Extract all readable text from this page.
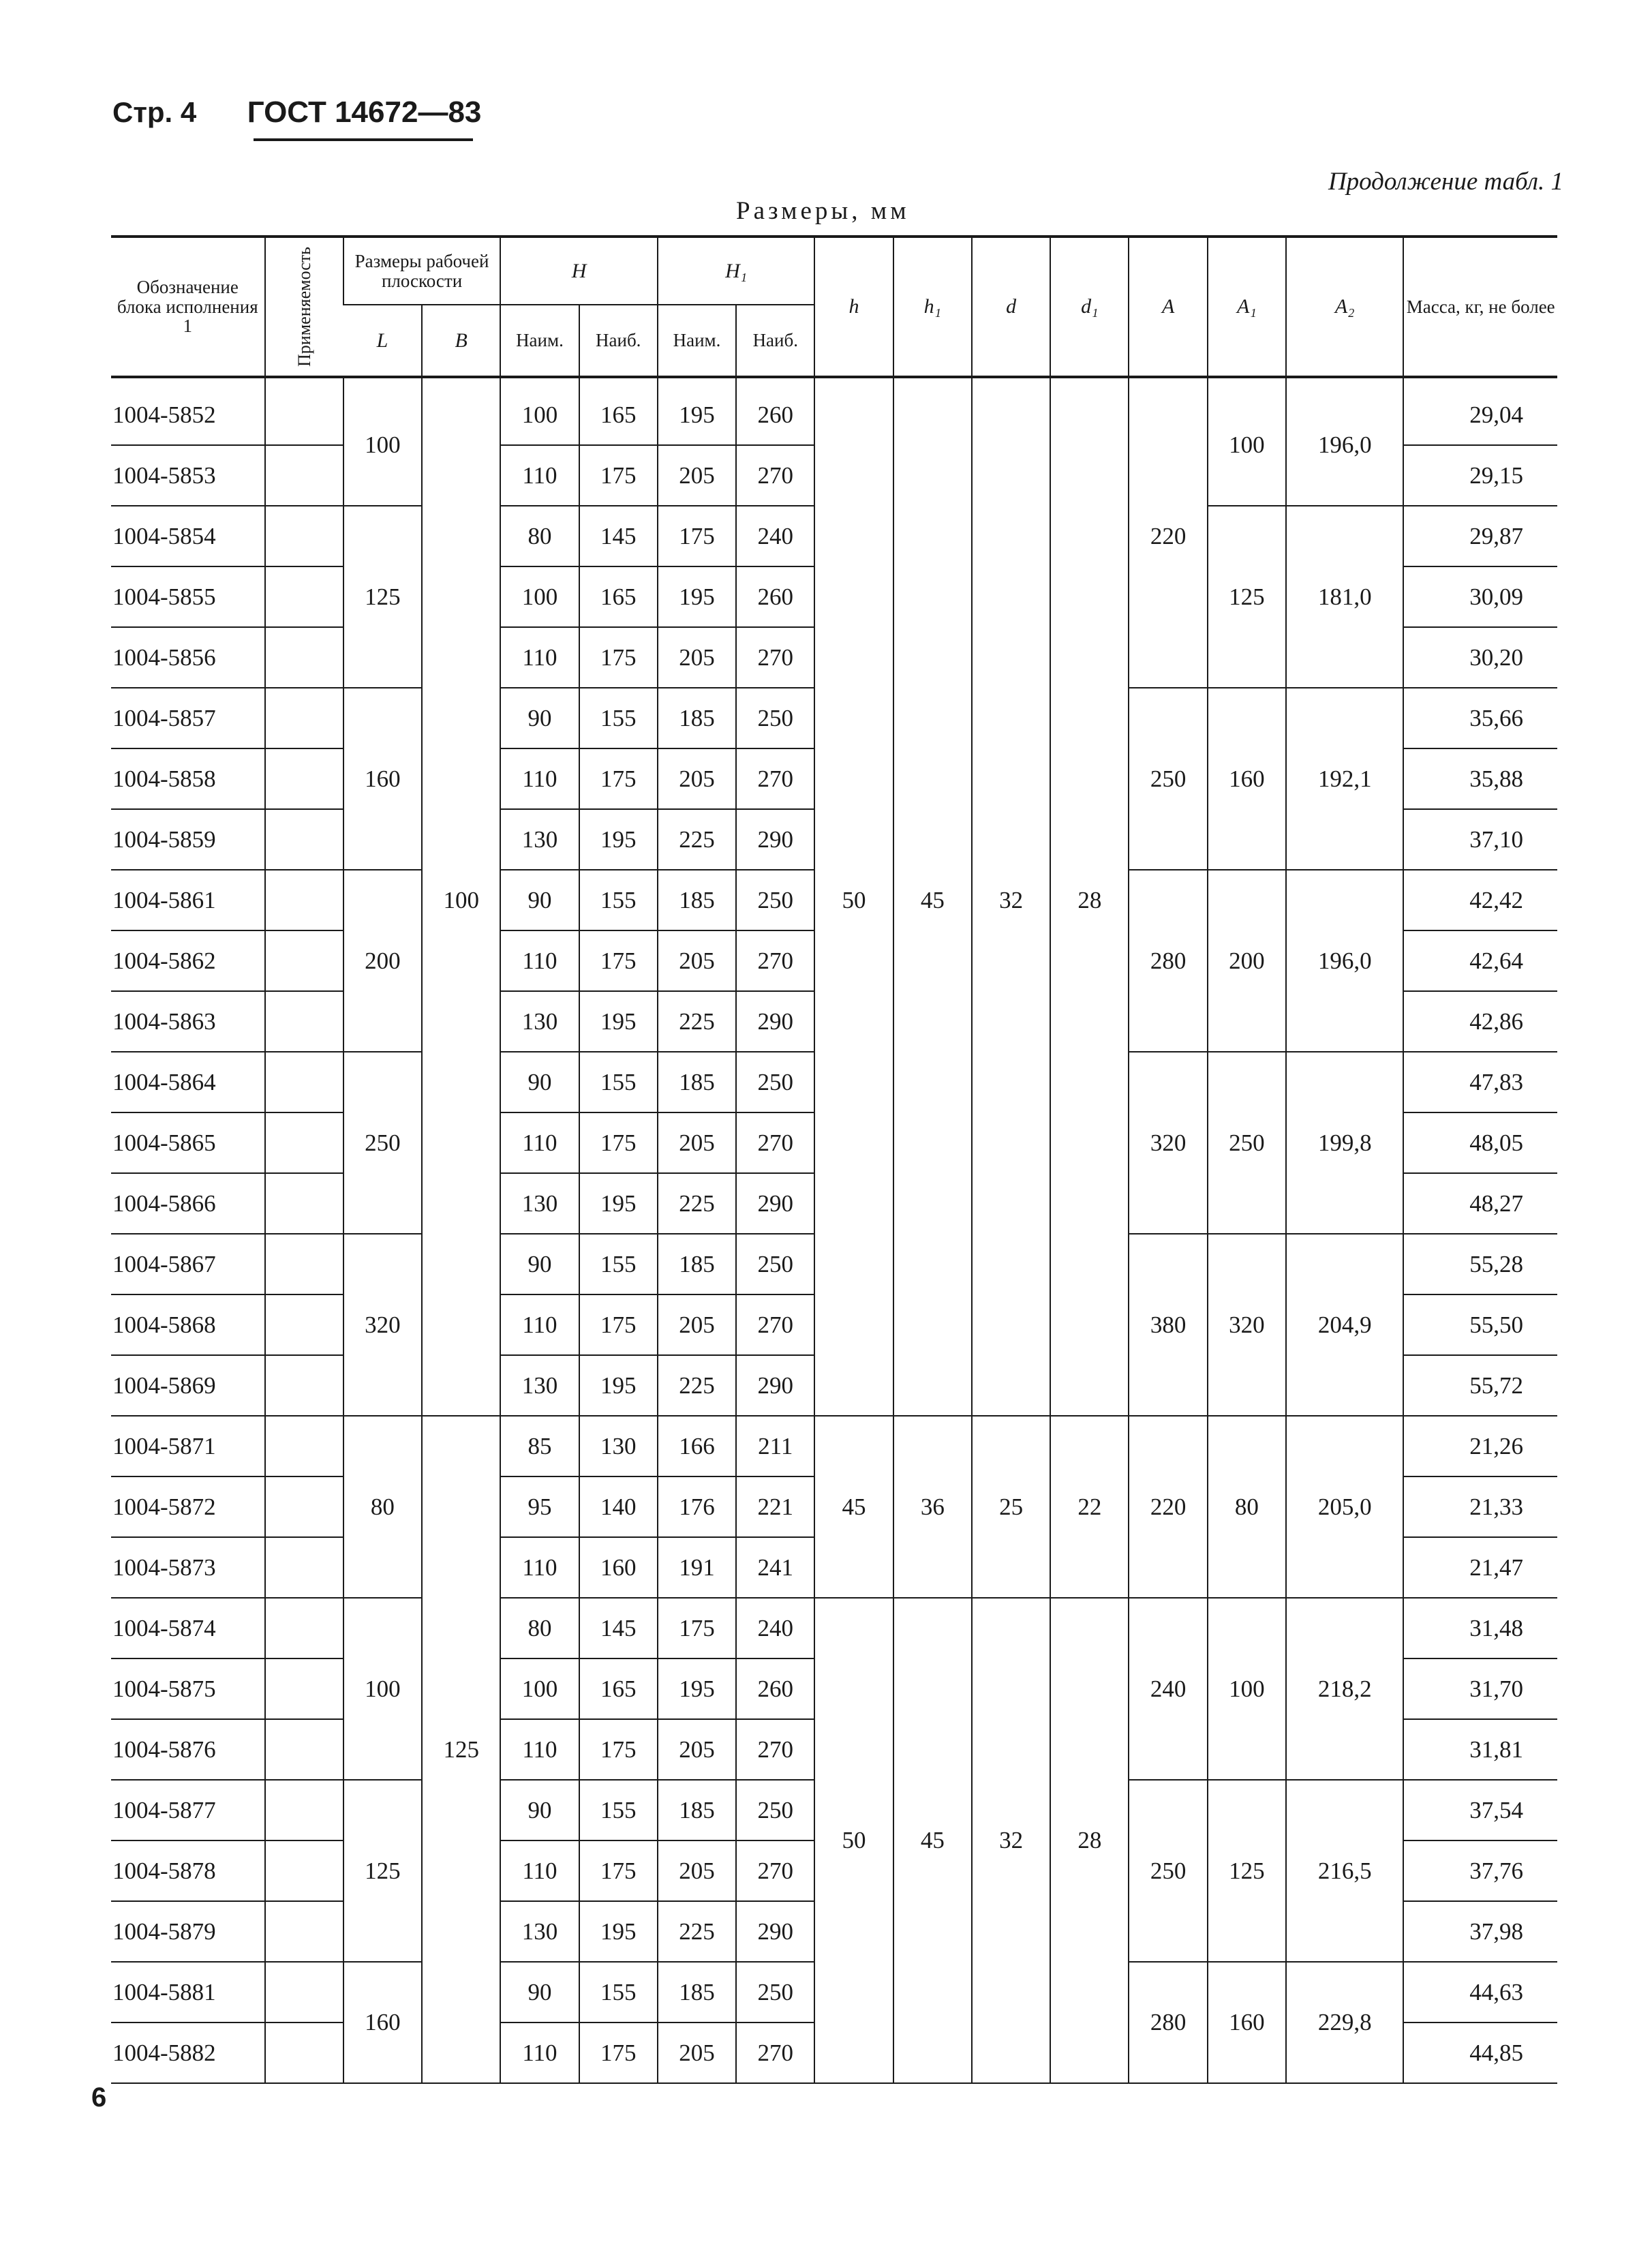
Стр. 4 ГОСТ 14672—83
Продолжение табл. 1
Размеры, мм
Обозначение блока исполнения 1	Применяемость	Размеры рабочей плоскости		H		H₁		h	h₁	d	d₁	A	A₁	A₂	Масса, кг, не более
		L	B	Наим.	Наиб.	Наим.	Наиб.								
1004-5852		100	100	100	165	195	260	50	45	32	28	220	100	196,0	29,04
1004-5853				110	175	205	270								29,15
1004-5854		125		80	145	175	240						125	181,0	29,87
1004-5855				100	165	195	260								30,09
1004-5856				110	175	205	270								30,20
1004-5857		160		90	155	185	250					250	160	192,1	35,66
1004-5858				110	175	205	270								35,88
1004-5859				130	195	225	290								37,10
1004-5861		200		90	155	185	250					280	200	196,0	42,42
1004-5862				110	175	205	270								42,64
1004-5863				130	195	225	290								42,86
1004-5864		250		90	155	185	250					320	250	199,8	47,83
1004-5865				110	175	205	270								48,05
1004-5866				130	195	225	290								48,27
1004-5867		320		90	155	185	250					380	320	204,9	55,28
1004-5868				110	175	205	270								55,50
1004-5869				130	195	225	290								55,72
1004-5871		80	125	85	130	166	211	45	36	25	22	220	80	205,0	21,26
1004-5872				95	140	176	221								21,33
1004-5873				110	160	191	241								21,47
1004-5874		100		80	145	175	240	50	45	32	28	240	100	218,2	31,48
1004-5875				100	165	195	260								31,70
1004-5876				110	175	205	270								31,81
1004-5877		125		90	155	185	250					250	125	216,5	37,54
1004-5878				110	175	205	270								37,76
1004-5879				130	195	225	290								37,98
1004-5881		160		90	155	185	250					280	160	229,8	44,63
1004-5882				110	175	205	270								44,85
6
